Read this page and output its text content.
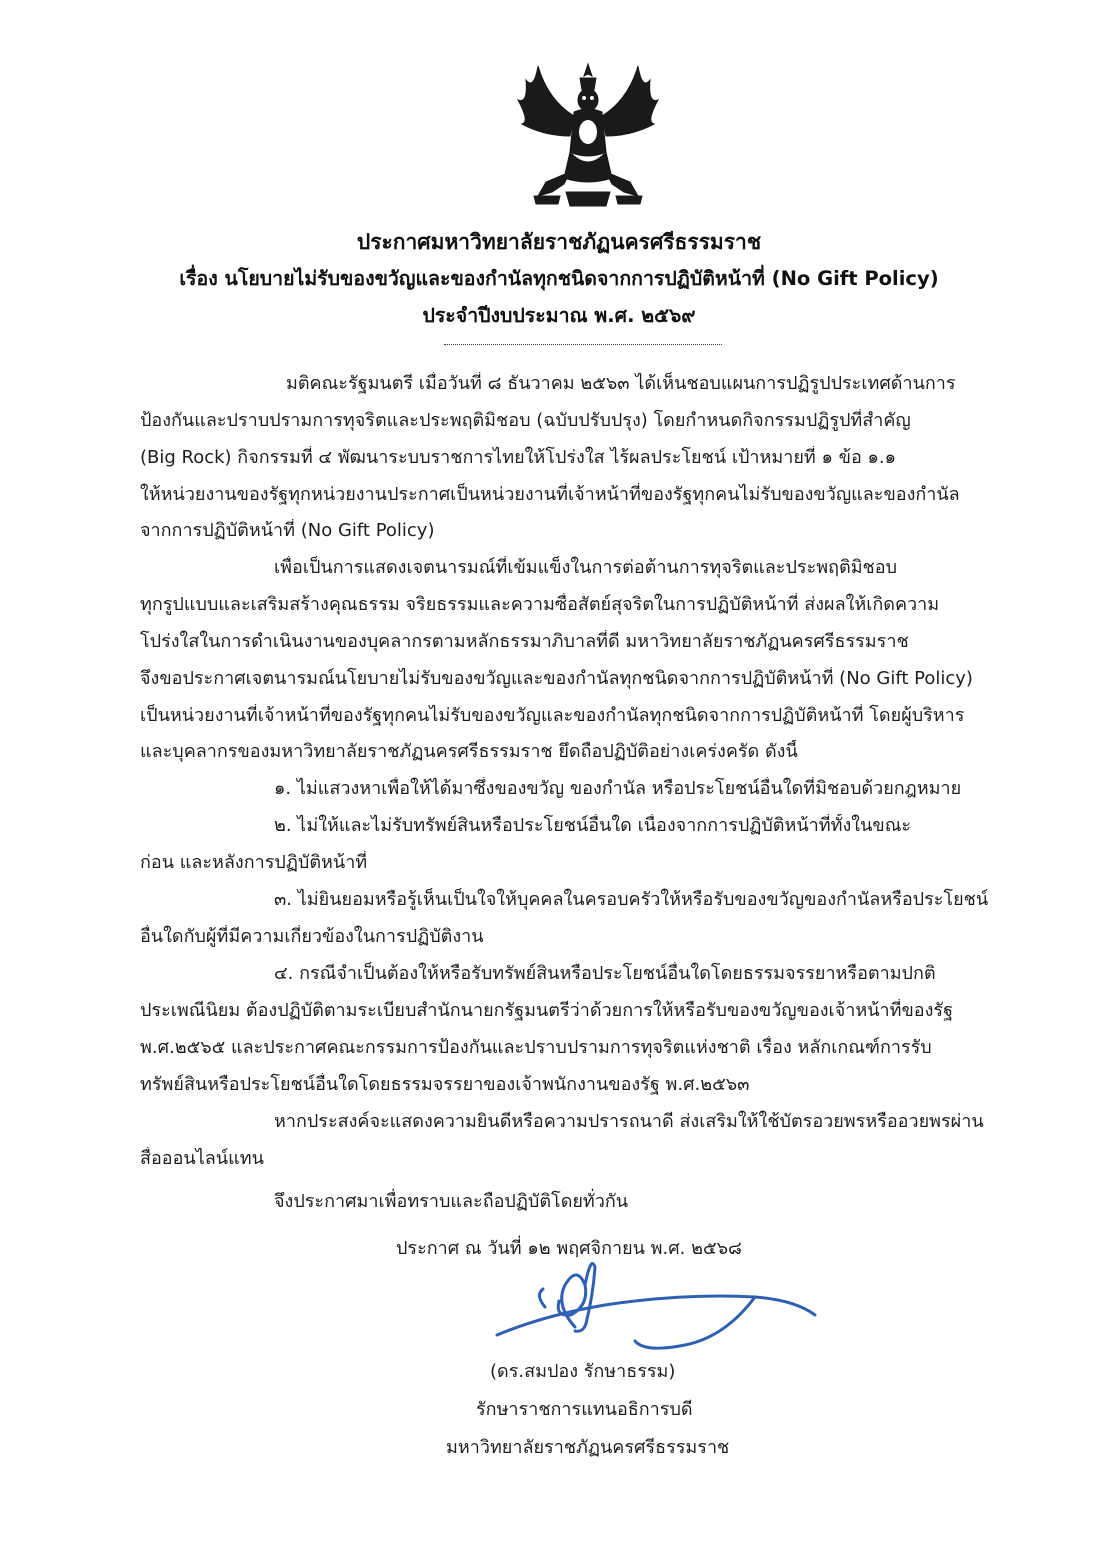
ประกาศมหาวิทยาลัยราชภัฏนครศรีธรรมราช
เรื่อง นโยบายไม่รับของขวัญและของกำนัลทุกชนิดจากการปฏิบัติหน้าที่ (No Gift Policy)
ประจำปีงบประมาณ พ.ศ. ๒๕๖๙
มติคณะรัฐมนตรี เมื่อวันที่ ๘ ธันวาคม ๒๕๖๓ ได้เห็นชอบแผนการปฏิรูปประเทศด้านการ
ป้องกันและปราบปรามการทุจริตและประพฤติมิชอบ (ฉบับปรับปรุง) โดยกำหนดกิจกรรมปฏิรูปที่สำคัญ
(Big Rock) กิจกรรมที่ ๔ พัฒนาระบบราชการไทยให้โปร่งใส ไร้ผลประโยชน์ เป้าหมายที่ ๑ ข้อ ๑.๑
ให้หน่วยงานของรัฐทุกหน่วยงานประกาศเป็นหน่วยงานที่เจ้าหน้าที่ของรัฐทุกคนไม่รับของขวัญและของกำนัล
จากการปฏิบัติหน้าที่ (No Gift Policy)
เพื่อเป็นการแสดงเจตนารมณ์ที่เข้มแข็งในการต่อต้านการทุจริตและประพฤติมิชอบ
ทุกรูปแบบและเสริมสร้างคุณธรรม จริยธรรมและความซื่อสัตย์สุจริตในการปฏิบัติหน้าที่ ส่งผลให้เกิดความ
โปร่งใสในการดำเนินงานของบุคลากรตามหลักธรรมาภิบาลที่ดี มหาวิทยาลัยราชภัฏนครศรีธรรมราช
จึงขอประกาศเจตนารมณ์นโยบายไม่รับของขวัญและของกำนัลทุกชนิดจากการปฏิบัติหน้าที่ (No Gift Policy)
เป็นหน่วยงานที่เจ้าหน้าที่ของรัฐทุกคนไม่รับของขวัญและของกำนัลทุกชนิดจากการปฏิบัติหน้าที่ โดยผู้บริหาร
และบุคลากรของมหาวิทยาลัยราชภัฏนครศรีธรรมราช ยึดถือปฏิบัติอย่างเคร่งครัด ดังนี้
๑. ไม่แสวงหาเพื่อให้ได้มาซึ่งของขวัญ ของกำนัล หรือประโยชน์อื่นใดที่มิชอบด้วยกฎหมาย
๒. ไม่ให้และไม่รับทรัพย์สินหรือประโยชน์อื่นใด เนื่องจากการปฏิบัติหน้าที่ทั้งในขณะ
ก่อน และหลังการปฏิบัติหน้าที่
๓. ไม่ยินยอมหรือรู้เห็นเป็นใจให้บุคคลในครอบครัวให้หรือรับของขวัญของกำนัลหรือประโยชน์
อื่นใดกับผู้ที่มีความเกี่ยวข้องในการปฏิบัติงาน
๔. กรณีจำเป็นต้องให้หรือรับทรัพย์สินหรือประโยชน์อื่นใดโดยธรรมจรรยาหรือตามปกติ
ประเพณีนิยม ต้องปฏิบัติตามระเบียบสำนักนายกรัฐมนตรีว่าด้วยการให้หรือรับของขวัญของเจ้าหน้าที่ของรัฐ
พ.ศ.๒๕๖๕ และประกาศคณะกรรมการป้องกันและปราบปรามการทุจริตแห่งชาติ เรื่อง หลักเกณฑ์การรับ
ทรัพย์สินหรือประโยชน์อื่นใดโดยธรรมจรรยาของเจ้าพนักงานของรัฐ พ.ศ.๒๕๖๓
หากประสงค์จะแสดงความยินดีหรือความปรารถนาดี ส่งเสริมให้ใช้บัตรอวยพรหรืออวยพรผ่าน
สื่อออนไลน์แทน
จึงประกาศมาเพื่อทราบและถือปฏิบัติโดยทั่วกัน
ประกาศ ณ วันที่ ๑๒ พฤศจิกายน พ.ศ. ๒๕๖๘
(ดร.สมปอง รักษาธรรม)
รักษาราชการแทนอธิการบดี
มหาวิทยาลัยราชภัฏนครศรีธรรมราช
